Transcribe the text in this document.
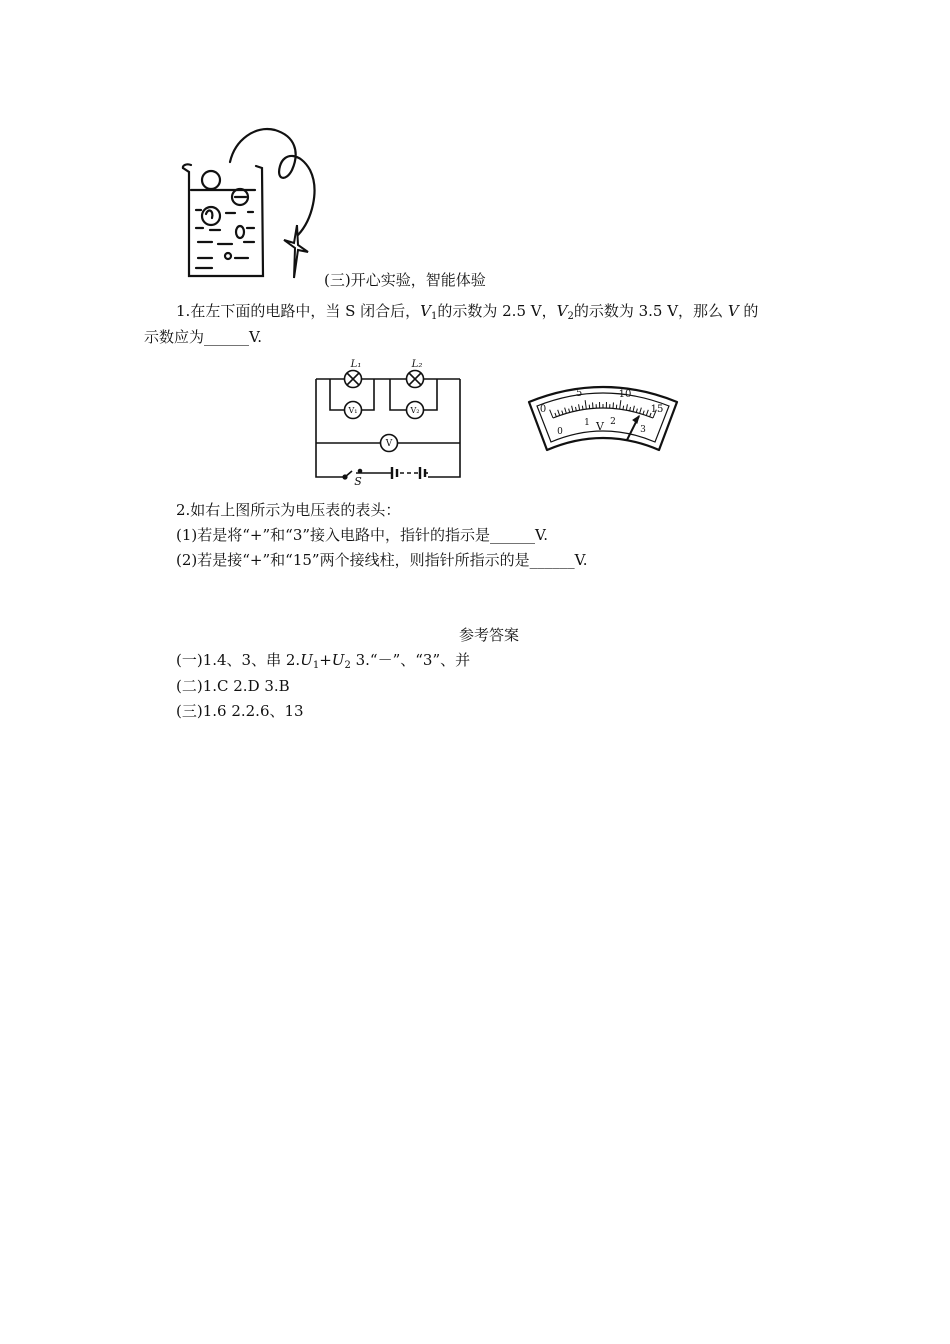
(三)开心实验，智能体验
1.在左下面的电路中，当 S 闭合后，$V_1$的示数为 2.5 V，$V_2$的示数为 3.5 V，那么 V 的
示数应为______V.
L₁	L₂
S
V₁	V₂
V
0
5	10
15
0
1 2
3
V
2.如右上图所示为电压表的表头：
(1)若是将“+”和“3”接入电路中，指针的指示是______V.
(2)若是接“+”和“15”两个接线柱，则指针所指示的是______V.
参考答案
(一)1.4、3、串 $2.U_1+U_2$ 3.“－”、“3”、并
(二)1.C 2.D 3.B
(三)1.6 2.2.6、13
